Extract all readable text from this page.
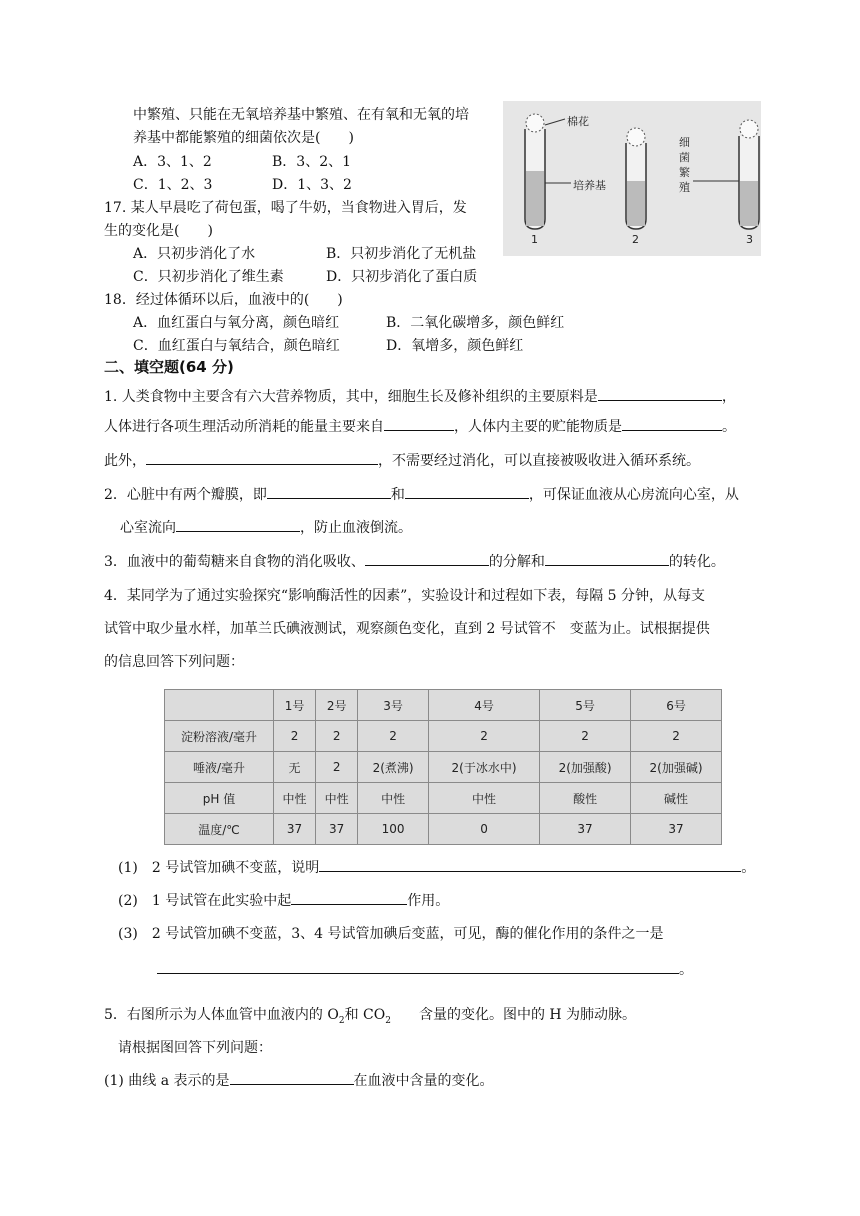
中繁殖、只能在无氧培养基中繁殖、在有氧和无氧的培
养基中都能繁殖的细菌依次是(　　)
A．3、1、2	B．3、2、1
C．1、2、3	D．1、3、2
棉花
培养基
细
菌
繁
殖
1	2	3
17. 某人早晨吃了荷包蛋，喝了牛奶，当食物进入胃后，发
生的变化是(　　)
A．只初步消化了水	B．只初步消化了无机盐
C．只初步消化了维生素	D．只初步消化了蛋白质
18．经过体循环以后，血液中的(　　)
A．血红蛋白与氧分离，颜色暗红	B．二氧化碳增多，颜色鲜红
C．血红蛋白与氧结合，颜色暗红	D．氧增多，颜色鲜红
二、填空题(64 分)
1. 人类食物中主要含有六大营养物质，其中，细胞生长及修补组织的主要原料是	，
人体进行各项生理活动所消耗的能量主要来自	，人体内主要的贮能物质是	。
此外，	，不需要经过消化，可以直接被吸收进入循环系统。
2．心脏中有两个瓣膜，即	和	，可保证血液从心房流向心室，从
心室流向	，防止血液倒流。
3．血液中的葡萄糖来自食物的消化吸收、	的分解和	的转化。
4．某同学为了通过实验探究“影响酶活性的因素”，实验设计和过程如下表，每隔 5 分钟，从每支
试管中取少量水样，加革兰氏碘液测试，观察颜色变化，直到 2 号试管不　变蓝为止。试根据提供
的信息回答下列问题：
	1号	2号	3号	4号	5号	6号
淀粉溶液/毫升	2	2	2	2	2	2
唾液/毫升	无	2	2(煮沸)	2(于冰水中)	2(加强酸)	2(加强碱)
pH 值	中性	中性	中性	中性	酸性	碱性
温度/℃	37	37	100	0	37	37
(1)　2 号试管加碘不变蓝，说明	。
(2)　1 号试管在此实验中起	作用。
(3)　2 号试管加碘不变蓝，3、4 号试管加碘后变蓝，可见，酶的催化作用的条件之一是
。
5．右图所示为人体血管中血液内的 $O_2$和 $CO_2$　　含量的变化。图中的 H 为肺动脉。
请根据图回答下列问题：
(1) 曲线 a 表示的是	在血液中含量的变化。
